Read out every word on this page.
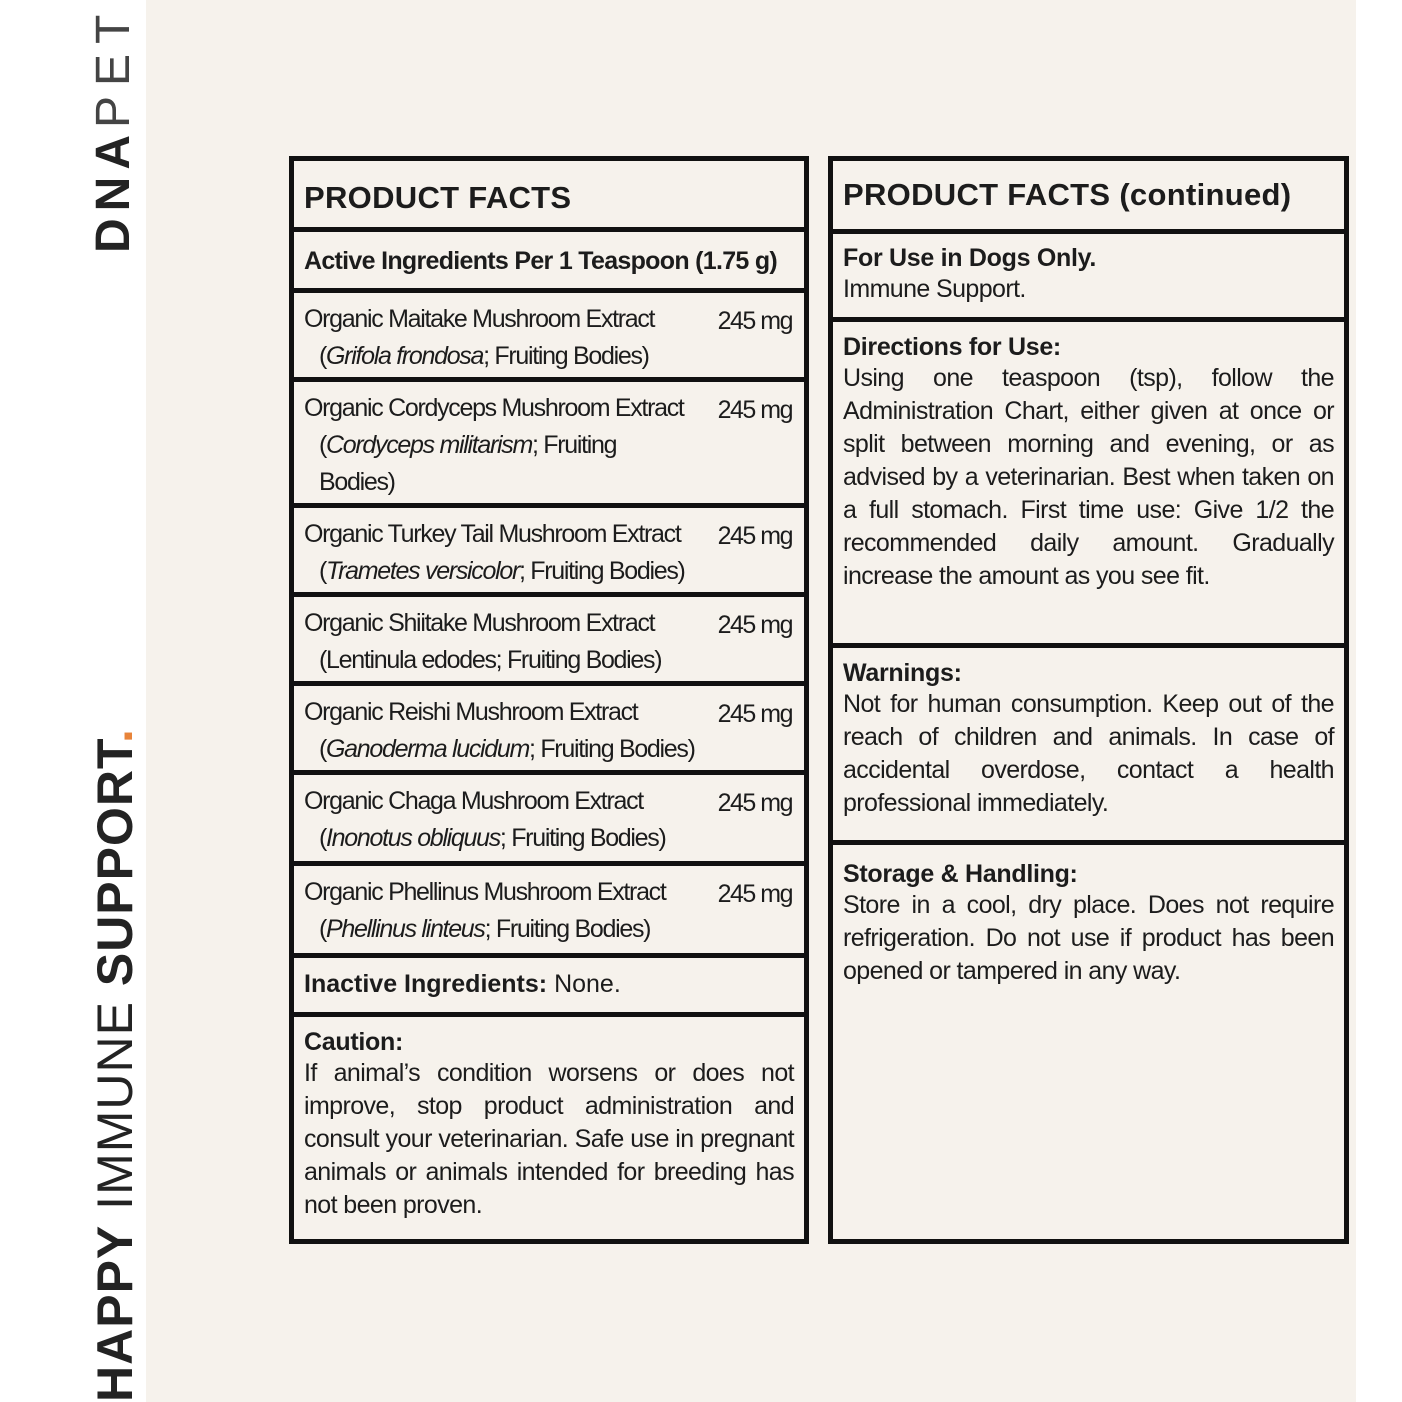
DNAPET
HAPPY IMMUNE SUPPORT.
PRODUCT FACTS
Active Ingredients Per 1 Teaspoon (1.75 g)
Organic Maitake Mushroom Extract
(Grifola frondosa; Fruiting Bodies)
245 mg
Organic Cordyceps Mushroom Extract
(Cordyceps militarism; Fruiting Bodies)
245 mg
Organic Turkey Tail Mushroom Extract
(Trametes versicolor; Fruiting Bodies)
245 mg
Organic Shiitake Mushroom Extract
(Lentinula edodes; Fruiting Bodies)
245 mg
Organic Reishi Mushroom Extract
(Ganoderma lucidum; Fruiting Bodies)
245 mg
Organic Chaga Mushroom Extract
(Inonotus obliquus; Fruiting Bodies)
245 mg
Organic Phellinus Mushroom Extract
(Phellinus linteus; Fruiting Bodies)
245 mg
Inactive Ingredients: None.
Caution:
If animal’s condition worsens or does not improve, stop product administration and consult your veterinarian. Safe use in pregnant animals or animals intended for breeding has not been proven.
PRODUCT FACTS (continued)
For Use in Dogs Only.
Immune Support.
Directions for Use:
Using one teaspoon (tsp), follow the Administration Chart, either given at once or split between morning and evening, or as advised by a veterinarian. Best when taken on a full stomach. First time use: Give 1/2 the recommended daily amount. Gradually increase the amount as you see fit.
Warnings:
Not for human consumption. Keep out of the reach of children and animals. In case of accidental overdose, contact a health professional immediately.
Storage & Handling:
Store in a cool, dry place. Does not require refrigeration. Do not use if product has been opened or tampered in any way.
